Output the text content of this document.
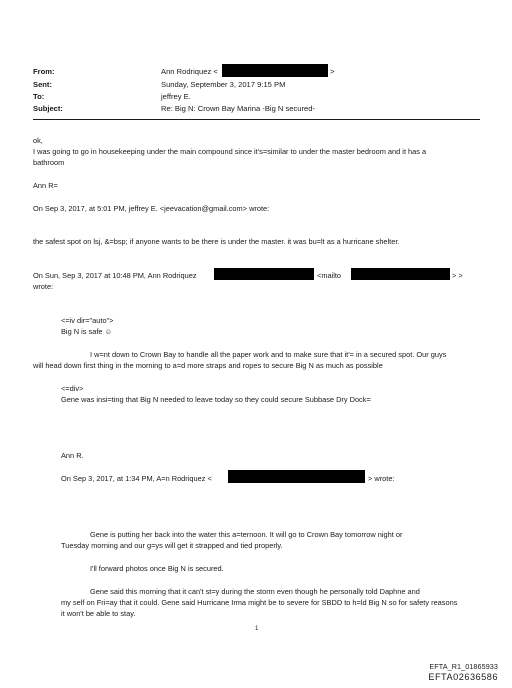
From:	Ann Rodriquez <	>
Sent:	Sunday, September 3, 2017 9:15 PM
To:	jeffrey E.
Subject:	Re: Big N: Crown Bay Marina -Big N secured-
ok,
I was going to go in housekeeping under the main compound since it's=similar to under the master bedroom and it has a
bathroom
Ann R=
On Sep 3, 2017, at 5:01 PM, jeffrey E. <jeevacation@gmail.com> wrote:
the safest spot on lsj, &=bsp; if anyone wants to be there is under the master. it was bu=lt as a hurricane shelter.
On Sun, Sep 3, 2017 at 10:48 PM, Ann Rodriquez	<mailto	> >
wrote:
<=iv dir="auto">
Big N is safe ☺
I w=nt down to Crown Bay to handle all the paper work and to make sure that it'= in a secured spot. Our guys
will head down first thing in the morning to a=d more straps and ropes to secure Big N as much as possible
<=div>
Gene was insi=ting that Big N needed to leave today so they could secure Subbase Dry Dock=
Ann R.
On Sep 3, 2017, at 1:34 PM, A=n Rodriquez <	> wrote:
Gene is putting her back into the water this a=ternoon. It will go to Crown Bay tomorrow night or
Tuesday morning and our g=ys will get it strapped and tied properly.
I'll forward photos once Big N is secured.
Gene said this morning that it can't st=y during the storm even though he personally told Daphne and
my self on Fri=ay that it could. Gene said Hurricane Irma might be to severe for SBDD to h=ld Big N so for safety reasons
it won't be able to stay.
1
EFTA_R1_01865933
EFTA02636586
